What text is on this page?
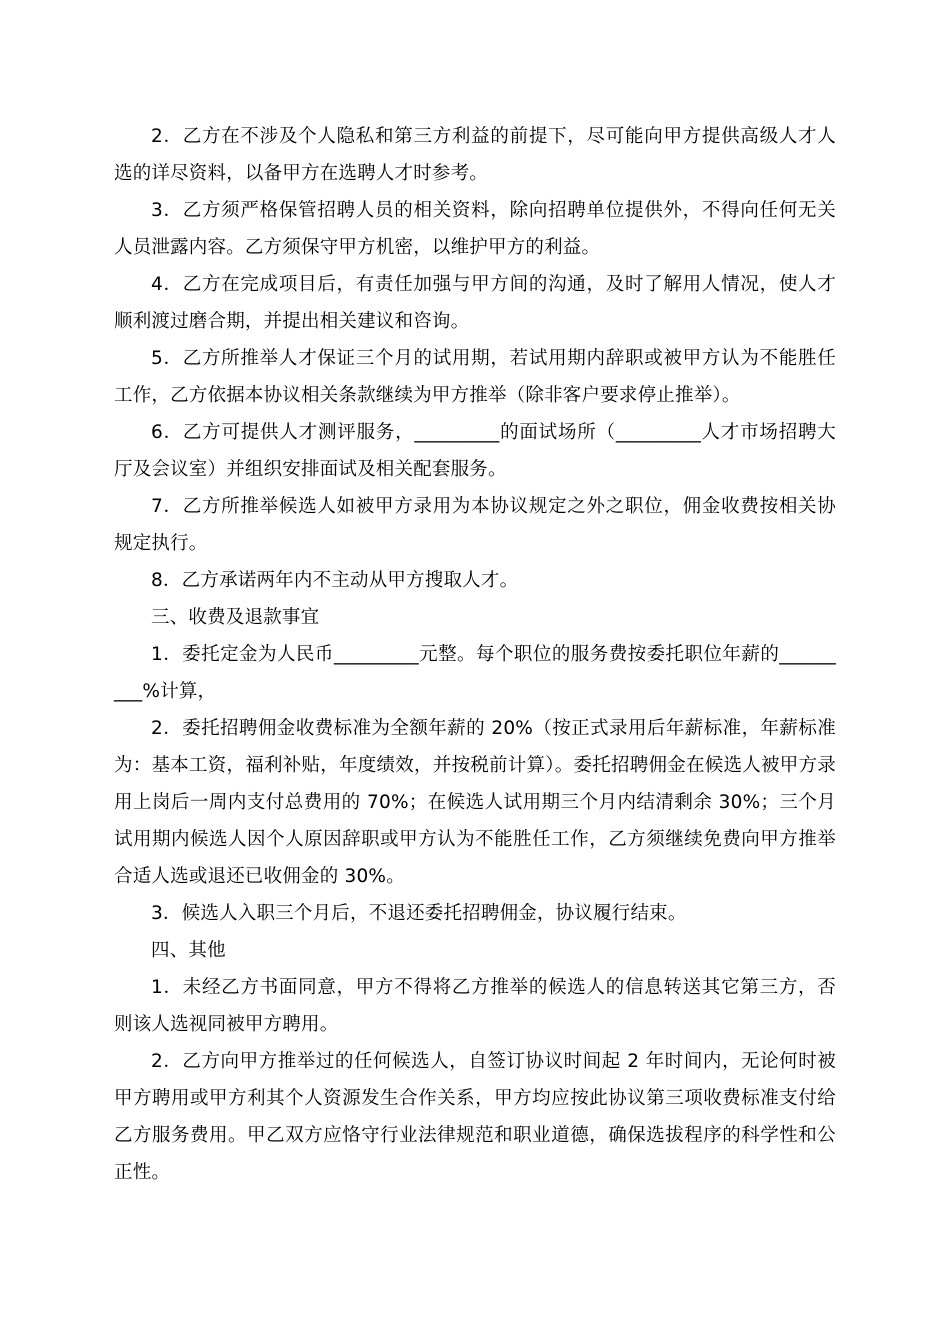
2．乙方在不涉及个人隐私和第三方利益的前提下，尽可能向甲方提供高级人才人选的详尽资料，以备甲方在选聘人才时参考。

3．乙方须严格保管招聘人员的相关资料，除向招聘单位提供外，不得向任何无关人员泄露内容。乙方须保守甲方机密，以维护甲方的利益。

4．乙方在完成项目后，有责任加强与甲方间的沟通，及时了解用人情况，使人才顺利渡过磨合期，并提出相关建议和咨询。

5．乙方所推举人才保证三个月的试用期，若试用期内辞职或被甲方认为不能胜任工作，乙方依据本协议相关条款继续为甲方推举（除非客户要求停止推举）。

6．乙方可提供人才测评服务，_________的面试场所（_________人才市场招聘大厅及会议室）并组织安排面试及相关配套服务。

7．乙方所推举候选人如被甲方录用为本协议规定之外之职位，佣金收费按相关协规定执行。

8．乙方承诺两年内不主动从甲方搜取人才。

三、收费及退款事宜

1．委托定金为人民币_________元整。每个职位的服务费按委托职位年薪的_________%计算，

2．委托招聘佣金收费标准为全额年薪的 20%（按正式录用后年薪标准，年薪标准为：基本工资，福利补贴，年度绩效，并按税前计算）。委托招聘佣金在候选人被甲方录用上岗后一周内支付总费用的 70%；在候选人试用期三个月内结清剩余 30%；三个月试用期内候选人因个人原因辞职或甲方认为不能胜任工作，乙方须继续免费向甲方推举合适人选或退还已收佣金的 30%。

3．候选人入职三个月后，不退还委托招聘佣金，协议履行结束。

四、其他

1．未经乙方书面同意，甲方不得将乙方推举的候选人的信息转送其它第三方，否则该人选视同被甲方聘用。

2．乙方向甲方推举过的任何候选人，自签订协议时间起 2 年时间内，无论何时被甲方聘用或甲方利其个人资源发生合作关系，甲方均应按此协议第三项收费标准支付给乙方服务费用。甲乙双方应恪守行业法律规范和职业道德，确保选拔程序的科学性和公正性。
